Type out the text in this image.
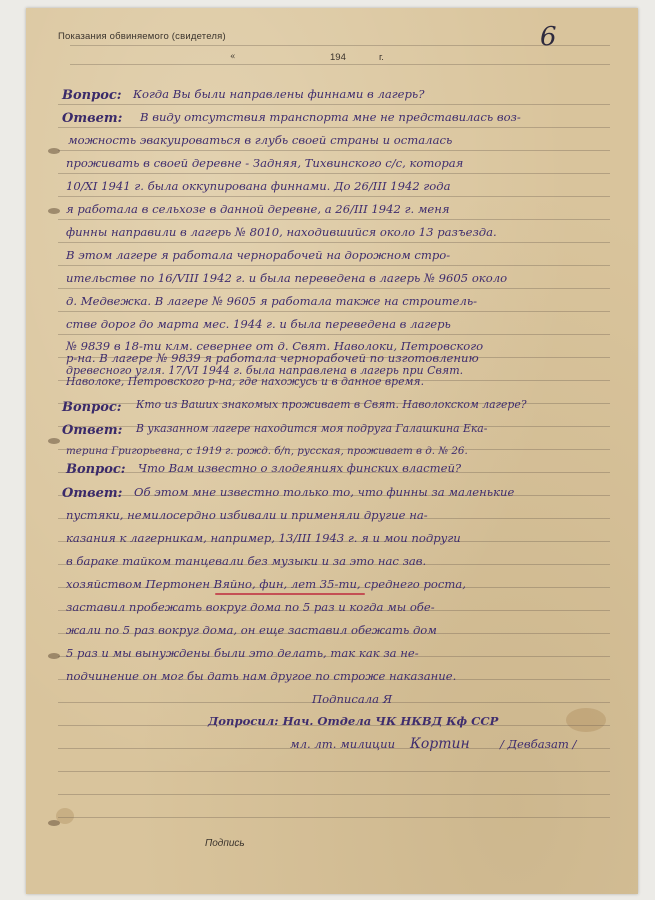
Показания обвиняемого (свидетеля)
«	194	г.
6
Вопрос:
Ответ:
Вопрос:
Ответ:
Вопрос:
Ответ:
Когда Вы были направлены финнами в лагерь?
В виду отсутствия транспорта мне не представилась воз-
можность эвакуироваться в глубь своей страны и осталась
проживать в своей деревне - Задняя, Тихвинского с/с, которая
10/XI 1941 г. была оккупирована финнами. До 26/III 1942 года
я работала в сельхозе в данной деревне, а 26/III 1942 г. меня
финны направили в лагерь № 8010, находившийся около 13 разъезда.
В этом лагере я работала чернорабочей на дорожном стро-
ительстве по 16/VIII 1942 г. и была переведена в лагерь № 9605 около
д. Медвежка. В лагере № 9605 я работала также на строитель-
стве дорог до марта мес. 1944 г. и была переведена в лагерь
№ 9839 в 18-ти клм. севернее от д. Свят. Наволоки, Петровского
р-на. В лагере № 9839 я работала чернорабочей по изготовлению
древесного угля. 17/VI 1944 г. была направлена в лагерь при Свят.
Кто из Ваших знакомых проживает в Свят. Наволокском лагере?
В указанном лагере находится моя подруга Галашкина Ека-
терина Григорьевна, с 1919 г. рожд. б/п, русская, проживает в д. № 26.
Что Вам известно о злодеяниях финских властей?
Об этом мне известно только то, что финны за маленькие
пустяки, немилосердно избивали и применяли другие на-
казания к лагерникам, например, 13/III 1943 г. я и мои подруги
в бараке тайком танцевали без музыки и за это нас зав.
хозяйством Пертонен Вяйно, фин, лет 35-ти, среднего роста,
заставил пробежать вокруг дома по 5 раз и когда мы обе-
жали по 5 раз вокруг дома, он еще заставил обежать дом
5 раз и мы вынуждены были это делать, так как за не-
подчинение он мог бы дать нам другое по строже наказание.
Подписала Я
Допросил: Нач. Отдела ЧК НКВД Кф ССР
мл. лт. милиции Кортин	/ Девбазат /
Подпись
Наволоке, Петровского р-на, где нахожусь и в данное время.
